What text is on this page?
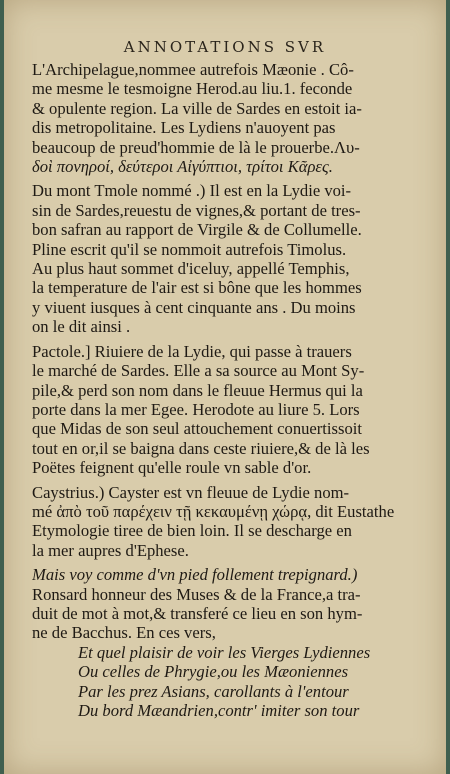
ANNOTATIONS SVR
L'Archipelague,nommee autrefois Mæonie . Cô-
me mesme le tesmoigne Herod.au liu.1. feconde
& opulente region. La ville de Sardes en estoit ia-
dis metropolitaine. Les Lydiens n'auoyent pas
beaucoup de preud'hommie de là le prouerbe.Λυ-
δοὶ πονηροί, δεύτεροι Αἰγύπτιοι, τρίτοι Κᾶρες.
Du mont Tmole nommé .) Il est en la Lydie voi-
sin de Sardes,reuestu de vignes,& portant de tres-
bon safran au rapport de Virgile & de Collumelle.
Pline escrit qu'il se nommoit autrefois Timolus.
Au plus haut sommet d'iceluy, appellé Temphis,
la temperature de l'air est si bône que les hommes
y viuent iusques à cent cinquante ans . Du moins
on le dit ainsi .
Pactole.] Riuiere de la Lydie, qui passe à trauers
le marché de Sardes. Elle a sa source au Mont Sy-
pile,& perd son nom dans le fleuue Hermus qui la
porte dans la mer Egee. Herodote au liure 5. Lors
que Midas de son seul attouchement conuertissoit
tout en or,il se baigna dans ceste riuiere,& de là les
Poëtes feignent qu'elle roule vn sable d'or.
Caystrius.) Cayster est vn fleuue de Lydie nom-
mé ἀπὸ τοῦ παρέχειν τῇ κεκαυμένῃ χώρᾳ, dit Eustathe
Etymologie tiree de bien loin. Il se descharge en
la mer aupres d'Ephese.
Mais voy comme d'vn pied follement trepignard.)
Ronsard honneur des Muses & de la France,a tra-
duit de mot à mot,& transferé ce lieu en son hym-
ne de Bacchus. En ces vers,
Et quel plaisir de voir les Vierges Lydiennes
Ou celles de Phrygie,ou les Mæoniennes
Par les prez Asians, carollants à l'entour
Du bord Mæandrien,contr' imiter son tour
